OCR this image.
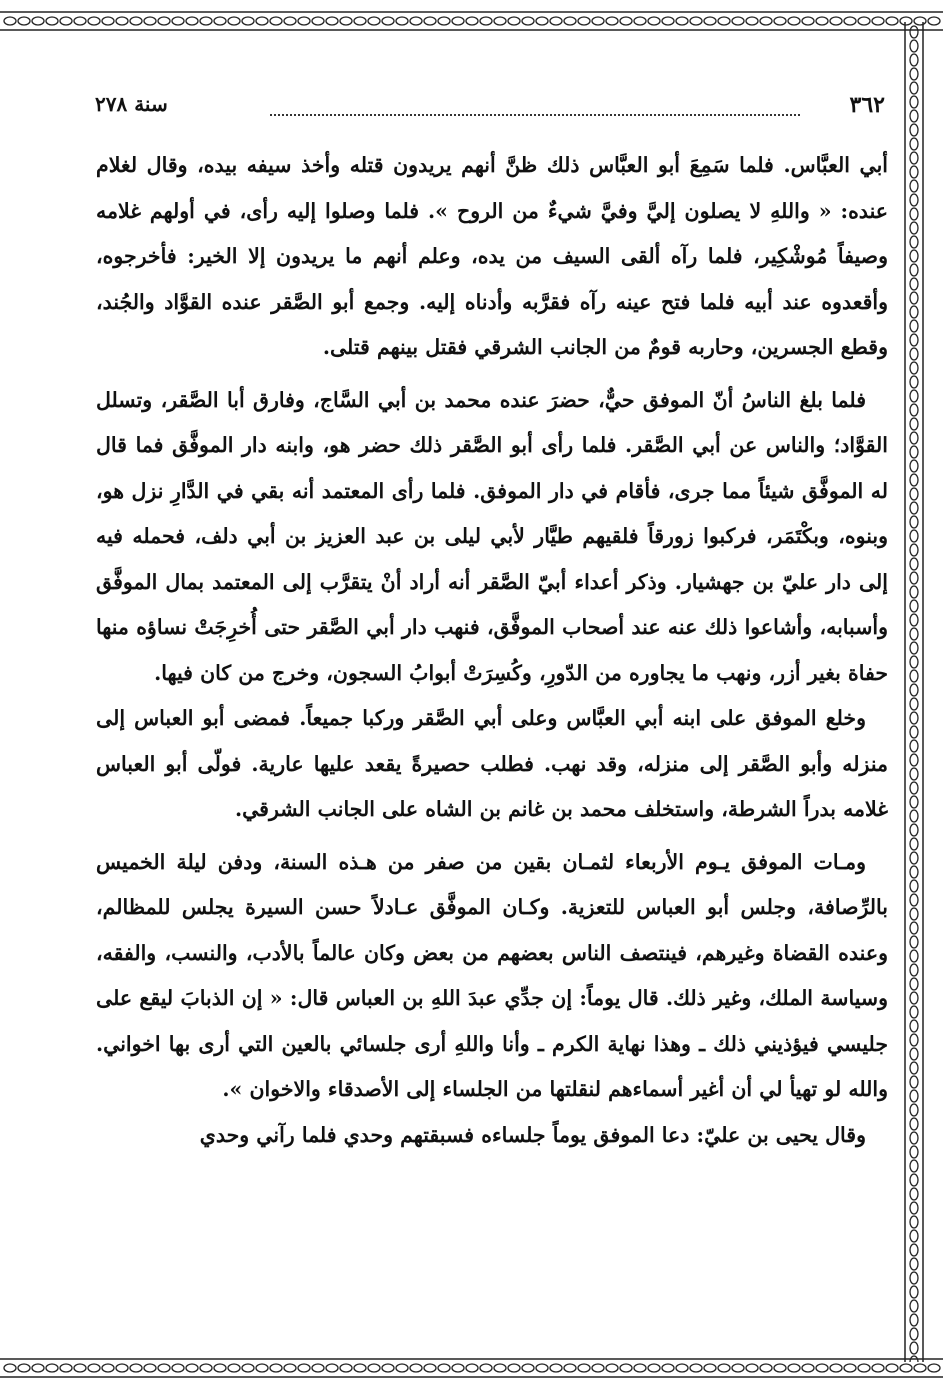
٣٦٢
سنة ٢٧٨

أبي العبَّاس. فلما سَمِعَ أبو العبَّاس ذلك ظنَّ أنهم يريدون قتله وأخذ سيفه بيده، وقال لغلام عنده: « واللهِ لا يصلون إليَّ وفيَّ شيءٌ من الروح ». فلما وصلوا إليه رأى، في أولهم غلامه وصيفاً مُوشْكِير، فلما رآه ألقى السيف من يده، وعلم أنهم ما يريدون إلا الخير: فأخرجوه، وأقعدوه عند أبيه فلما فتح عينه رآه فقرَّبه وأدناه إليه. وجمع أبو الصَّقر عنده القوَّاد والجُند، وقطع الجسرين، وحاربه قومٌ من الجانب الشرقي فقتل بينهم قتلى.

فلما بلغ الناسُ أنّ الموفق حيٌّ، حضرَ عنده محمد بن أبي السَّاج، وفارق أبا الصَّقر، وتسلل القوَّاد؛ والناس عن أبي الصَّقر. فلما رأى أبو الصَّقر ذلك حضر هو، وابنه دار الموفَّق فما قال له الموفَّق شيئاً مما جرى، فأقام في دار الموفق. فلما رأى المعتمد أنه بقي في الدَّارِ نزل هو، وبنوه، وبكْتَمَر، فركبوا زورقاً فلقيهم طيَّار لأبي ليلى بن عبد العزيز بن أبي دلف، فحمله فيه إلى دار عليّ بن جهشيار. وذكر أعداء أبيّ الصَّقر أنه أراد أنْ يتقرَّب إلى المعتمد بمال الموفَّق وأسبابه، وأشاعوا ذلك عنه عند أصحاب الموفَّق، فنهب دار أبي الصَّقر حتى أُخرِجَتْ نساؤه منها حفاة بغير أزر، ونهب ما يجاوره من الدّورِ، وكُسِرَتْ أبوابُ السجون، وخرج من كان فيها.

وخلع الموفق على ابنه أبي العبَّاس وعلى أبي الصَّقر وركبا جميعاً. فمضى أبو العباس إلى منزله وأبو الصَّقر إلى منزله، وقد نهب. فطلب حصيرةً يقعد عليها عارية. فولّى أبو العباس غلامه بدراً الشرطة، واستخلف محمد بن غانم بن الشاه على الجانب الشرقي.

ومـات الموفق يـوم الأربعاء لثمـان بقين من صفر من هـذه السنة، ودفن ليلة الخميس بالرِّصافة، وجلس أبو العباس للتعزية. وكـان الموفَّق عـادلاً حسن السيرة يجلس للمظالم، وعنده القضاة وغيرهم، فينتصف الناس بعضهم من بعض وكان عالماً بالأدب، والنسب، والفقه، وسياسة الملك، وغير ذلك. قال يوماً: إن جدِّي عبدَ اللهِ بن العباس قال: « إن الذبابَ ليقع على جليسي فيؤذيني ذلك ـ وهذا نهاية الكرم ـ وأنا واللهِ أرى جلسائي بالعين التي أرى بها اخواني. والله لو تهيأ لي أن أغير أسماءهم لنقلتها من الجلساء إلى الأصدقاء والاخوان ».

وقال يحيى بن عليّ: دعا الموفق يوماً جلساءه فسبقتهم وحدي فلما رآني وحدي
